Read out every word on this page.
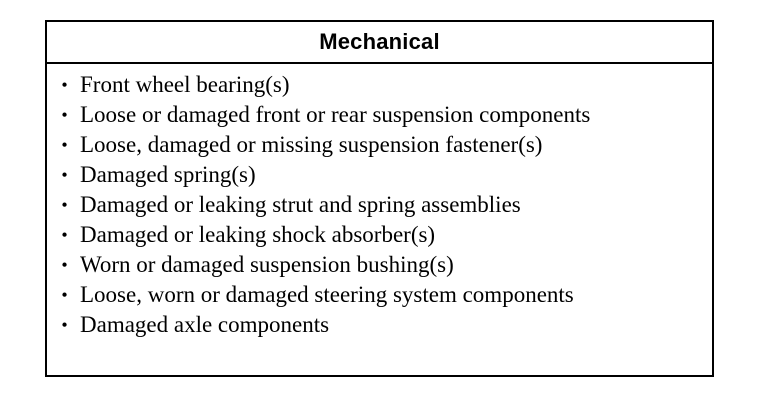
Mechanical
• Front wheel bearing(s)
• Loose or damaged front or rear suspension components
• Loose, damaged or missing suspension fastener(s)
• Damaged spring(s)
• Damaged or leaking strut and spring assemblies
• Damaged or leaking shock absorber(s)
• Worn or damaged suspension bushing(s)
• Loose, worn or damaged steering system components
• Damaged axle components
